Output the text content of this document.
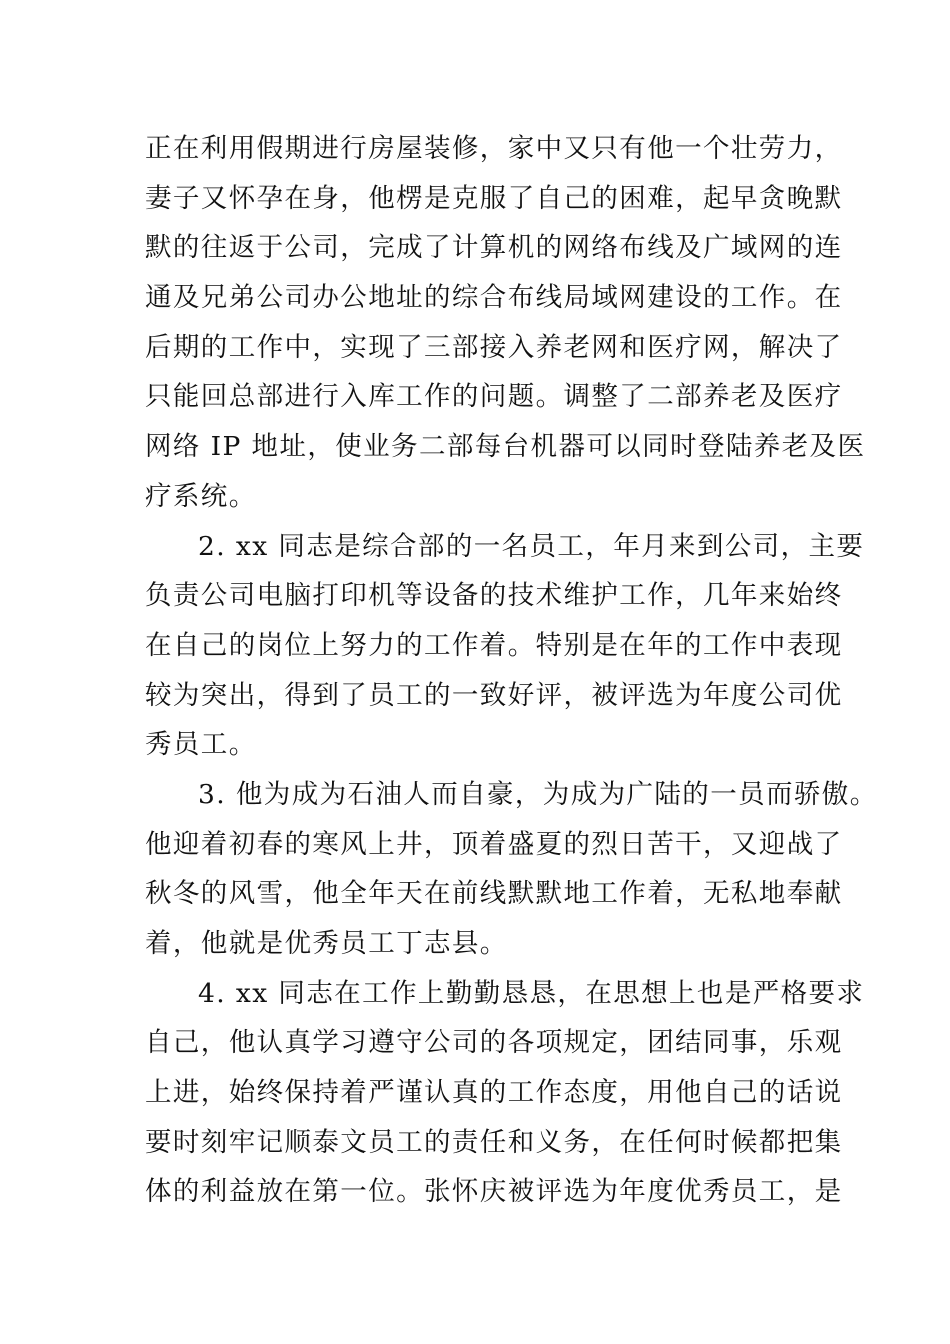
正在利用假期进行房屋装修，家中又只有他一个壮劳力，
妻子又怀孕在身，他楞是克服了自己的困难，起早贪晚默
默的往返于公司，完成了计算机的网络布线及广域网的连
通及兄弟公司办公地址的综合布线局域网建设的工作。在
后期的工作中，实现了三部接入养老网和医疗网，解决了
只能回总部进行入库工作的问题。调整了二部养老及医疗
网络 IP 地址，使业务二部每台机器可以同时登陆养老及医
疗系统。
2. xx 同志是综合部的一名员工，年月来到公司，主要
负责公司电脑打印机等设备的技术维护工作，几年来始终
在自己的岗位上努力的工作着。特别是在年的工作中表现
较为突出，得到了员工的一致好评，被评选为年度公司优
秀员工。
3. 他为成为石油人而自豪，为成为广陆的一员而骄傲。
他迎着初春的寒风上井，顶着盛夏的烈日苦干，又迎战了
秋冬的风雪，他全年天在前线默默地工作着，无私地奉献
着，他就是优秀员工丁志县。
4. xx 同志在工作上勤勤恳恳，在思想上也是严格要求
自己，他认真学习遵守公司的各项规定，团结同事，乐观
上进，始终保持着严谨认真的工作态度，用他自己的话说
要时刻牢记顺泰文员工的责任和义务，在任何时候都把集
体的利益放在第一位。张怀庆被评选为年度优秀员工，是
